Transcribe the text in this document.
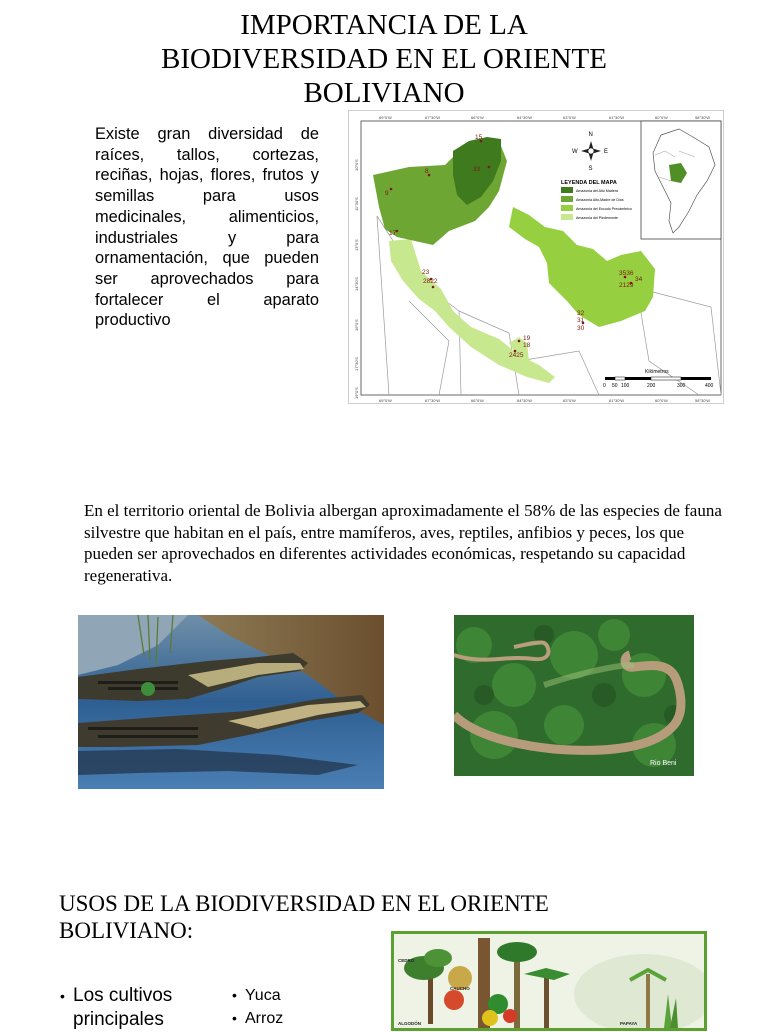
IMPORTANCIA DE LA
BIODIVERSIDAD EN EL ORIENTE
BOLIVIANO
Existe gran diversidad de raíces, tallos, cortezas, reciñas, hojas, flores, frutos y semillas para usos medicinales, alimenticios, industriales y para ornamentación, que pueden ser aprovechados para fortalecer el aparato productivo
9
8
15
33
17
23
2822
3536
34
2129
32
31
30
19
18
2425
N
S
E
W
LEYENDA DEL MAPA
Amazonia del Alto Madera
Amazonia Alto-Madre de Dios
Amazonia del Escudo Precámbrico
Amazonia del Piedemonte
Kilómetros
0 50 100	200	300	400
69°0'W	67°30'W	66°0'W	64°30'W	63°0'W	61°30'W	60°0'W	58°30'W
69°0'W	67°30'W	66°0'W	64°30'W	63°0'W	61°30'W	60°0'W	58°30'W
10°0'S
11°30'S
13°0'S
14°30'S
16°0'S
17°30'S
19°0'S
En el territorio oriental de Bolivia albergan aproximadamente el 58% de las especies de fauna silvestre que habitan en el país, entre mamíferos, aves, reptiles, anfibios y peces, los que pueden ser aprovechados en diferentes actividades económicas, respetando su capacidad regenerativa.
Rio Beni
USOS DE LA BIODIVERSIDAD EN EL ORIENTE
BOLIVIANO:
• Los cultivos principales
• Yuca
• Arroz
CEDRO
CAUCHO
ALGODÓN	PAPAYA
